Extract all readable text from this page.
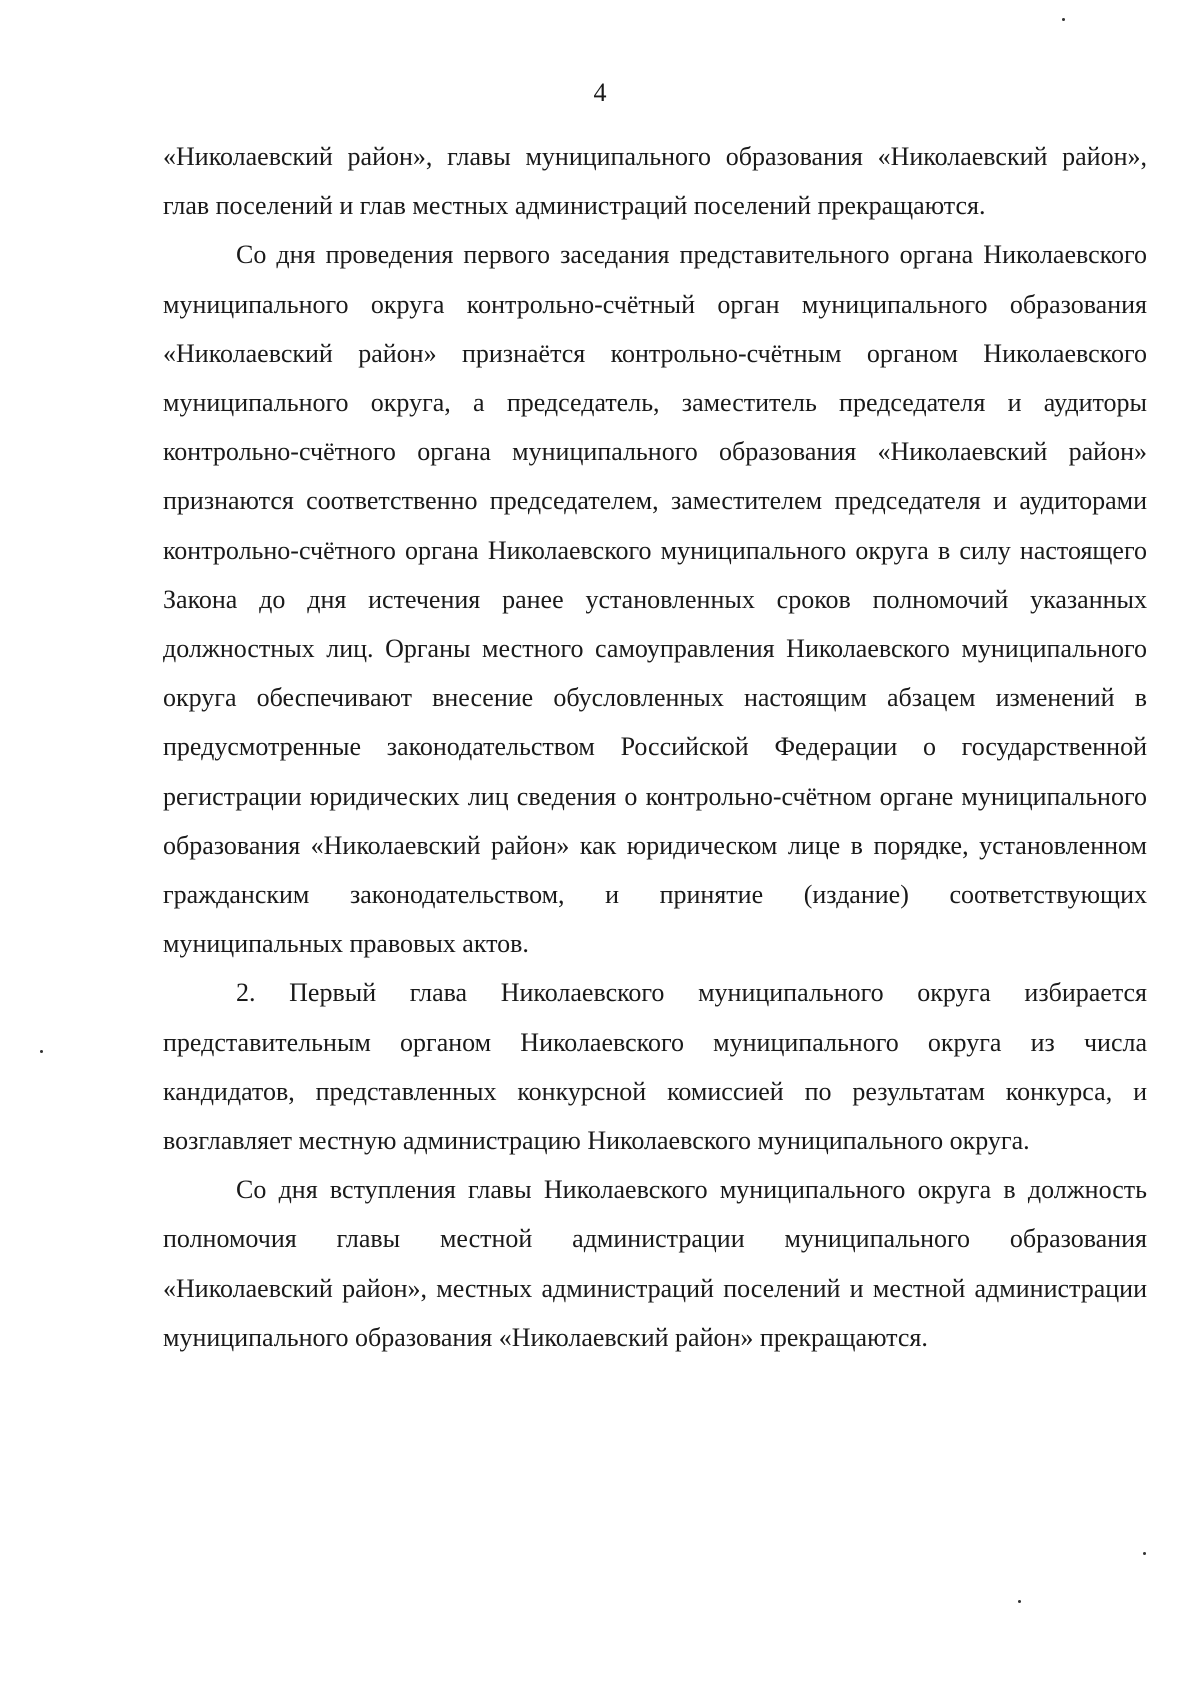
4

«Николаевский район», главы муниципального образования «Николаевский район», глав поселений и глав местных администраций поселений прекращаются.

Со дня проведения первого заседания представительного органа Николаевского муниципального округа контрольно-счётный орган муниципального образования «Николаевский район» признаётся контрольно-счётным органом Николаевского муниципального округа, а председатель, заместитель председателя и аудиторы контрольно-счётного органа муниципального образования «Николаевский район» признаются соответственно председателем, заместителем председателя и аудиторами контрольно-счётного органа Николаевского муниципального округа в силу настоящего Закона до дня истечения ранее установленных сроков полномочий указанных должностных лиц. Органы местного самоуправления Николаевского муниципального округа обеспечивают внесение обусловленных настоящим абзацем изменений в предусмотренные законодательством Российской Федерации о государственной регистрации юридических лиц сведения о контрольно-счётном органе муниципального образования «Николаевский район» как юридическом лице в порядке, установленном гражданским законодательством, и принятие (издание) соответствующих муниципальных правовых актов.

2. Первый глава Николаевского муниципального округа избирается представительным органом Николаевского муниципального округа из числа кандидатов, представленных конкурсной комиссией по результатам конкурса, и возглавляет местную администрацию Николаевского муниципального округа.

Со дня вступления главы Николаевского муниципального округа в должность полномочия главы местной администрации муниципального образования «Николаевский район», местных администраций поселений и местной администрации муниципального образования «Николаевский район» прекращаются.
